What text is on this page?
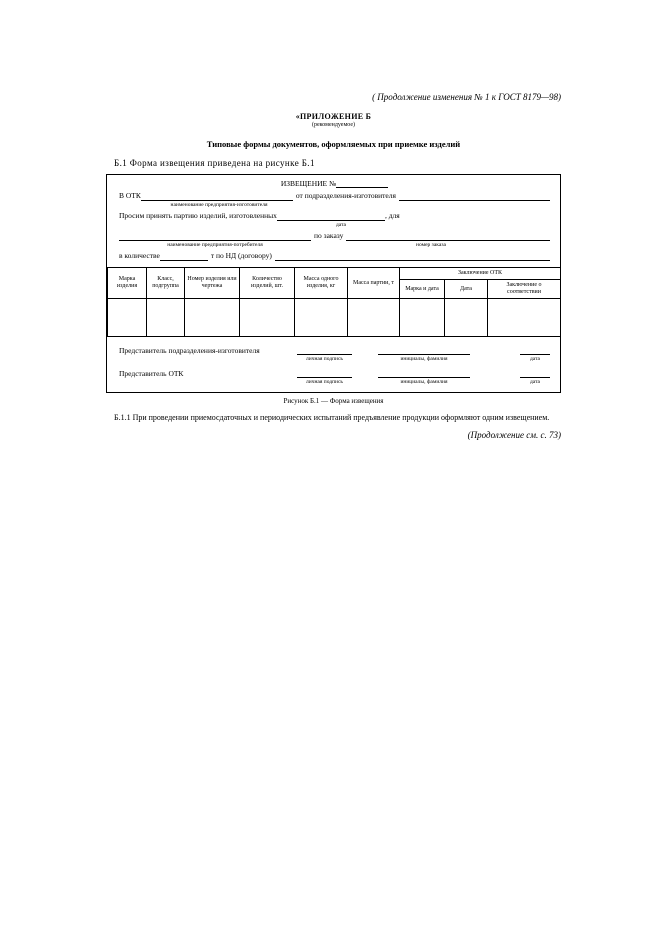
( Продолжение изменения № 1 к ГОСТ 8179—98)
«ПРИЛОЖЕНИЕ Б
(рекомендуемое)
Типовые формы документов, оформляемых при приемке изделий
Б.1 Форма извещения приведена на рисунке Б.1
ИЗВЕЩЕНИЕ №
В ОТК	от подразделения-изготовителя
наименование предприятия-изготовителя
Просим принять партию изделий, изготовленных	, для
дата
по заказу
наименование предприятия-потребителя	номер заказа
в количестве	т по НД (договору)
Марка изделия	Класс, подгруппа	Номер изделия или чертежа	Количество изделий, шт.	Масса одного изделия, кг	Масса партии, т	Заключение ОТК		
						Марка и дата	Дата	Заключение о соответствии

Представитель подразделения-изготовителя
личная подпись	инициалы, фамилия	дата
Представитель ОТК
личная подпись	инициалы, фамилия	дата
Рисунок Б.1 — Форма извещения
Б.1.1 При проведении приемосдаточных и периодических испытаний предъявление продукции оформляют одним извещением.
(Продолжение см. с. 73)
